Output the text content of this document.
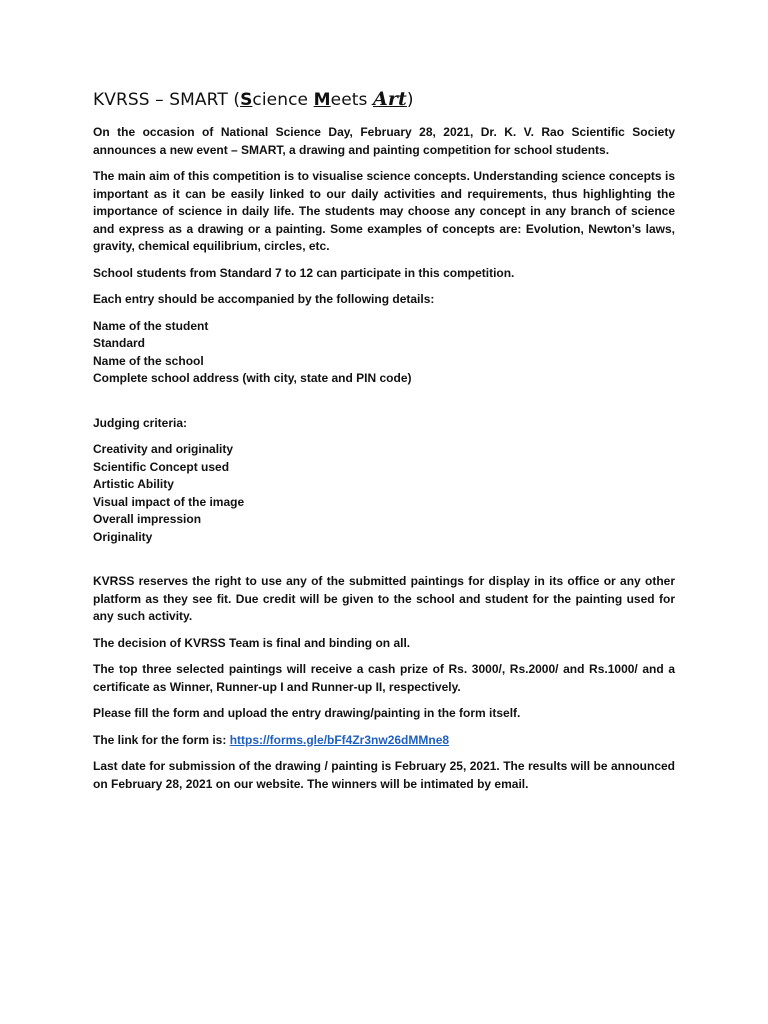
KVRSS – SMART (Science Meets Art)

On the occasion of National Science Day, February 28, 2021, Dr. K. V. Rao Scientific Society announces a new event – SMART, a drawing and painting competition for school students.

The main aim of this competition is to visualise science concepts. Understanding science concepts is important as it can be easily linked to our daily activities and requirements, thus highlighting the importance of science in daily life. The students may choose any concept in any branch of science and express as a drawing or a painting. Some examples of concepts are: Evolution, Newton’s laws, gravity, chemical equilibrium, circles, etc.

School students from Standard 7 to 12 can participate in this competition.

Each entry should be accompanied by the following details:

Name of the student
Standard
Name of the school
Complete school address (with city, state and PIN code)

Judging criteria:

Creativity and originality
Scientific Concept used
Artistic Ability
Visual impact of the image
Overall impression
Originality

KVRSS reserves the right to use any of the submitted paintings for display in its office or any other platform as they see fit. Due credit will be given to the school and student for the painting used for any such activity.

The decision of KVRSS Team is final and binding on all.

The top three selected paintings will receive a cash prize of Rs. 3000/, Rs.2000/ and Rs.1000/ and a certificate as Winner, Runner-up I and Runner-up II, respectively.

Please fill the form and upload the entry drawing/painting in the form itself.

The link for the form is: https://forms.gle/bFf4Zr3nw26dMMne8

Last date for submission of the drawing / painting is February 25, 2021. The results will be announced on February 28, 2021 on our website. The winners will be intimated by email.
